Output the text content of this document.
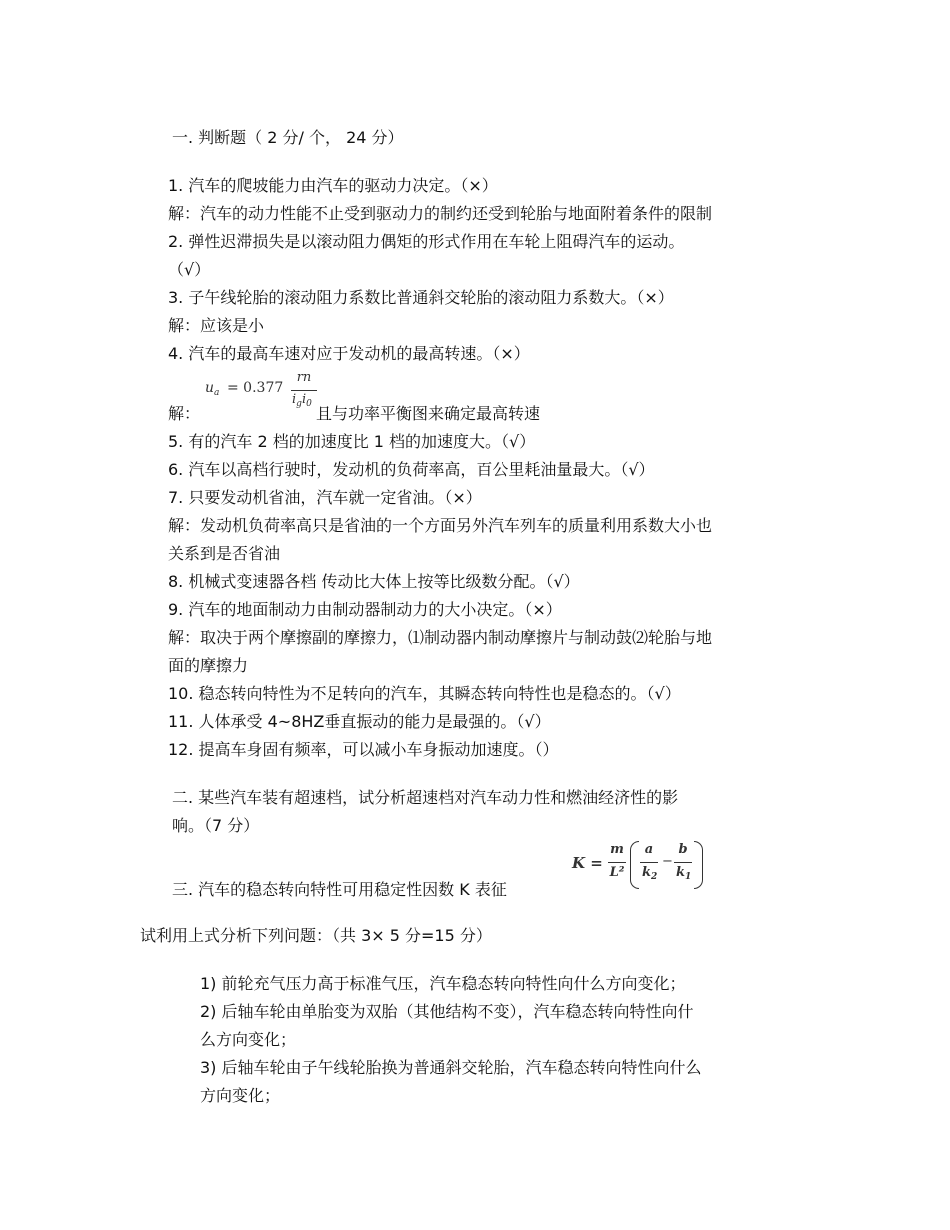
一. 判断题（ 2 分/ 个， 24 分）
1. 汽车的爬坡能力由汽车的驱动力决定。（×）
解：汽车的动力性能不止受到驱动力的制约还受到轮胎与地面附着条件的限制
2. 弹性迟滞损失是以滚动阻力偶矩的形式作用在车轮上阻碍汽车的运动。
（√）
3. 子午线轮胎的滚动阻力系数比普通斜交轮胎的滚动阻力系数大。（×）
解：应该是小
4. 汽车的最高车速对应于发动机的最高转速。（×）
$u_a = 0.377$
rn
$i_gi_0$
解：	且与功率平衡图来确定最高转速
5. 有的汽车 2 档的加速度比 1 档的加速度大。（√）
6. 汽车以高档行驶时，发动机的负荷率高，百公里耗油量最大。（√）
7. 只要发动机省油，汽车就一定省油。（×）
解：发动机负荷率高只是省油的一个方面另外汽车列车的质量利用系数大小也
关系到是否省油
8. 机械式变速器各档 传动比大体上按等比级数分配。（√）
9. 汽车的地面制动力由制动器制动力的大小决定。（×）
解：取决于两个摩擦副的摩擦力，⑴制动器内制动摩擦片与制动鼓⑵轮胎与地
面的摩擦力
10. 稳态转向特性为不足转向的汽车，其瞬态转向特性也是稳态的。（√）
11. 人体承受 4~8HZ垂直振动的能力是最强的。（√）
12. 提高车身固有频率，可以减小车身振动加速度。（）
二. 某些汽车装有超速档，试分析超速档对汽车动力性和燃油经济性的影
响。（7 分）
三. 汽车的稳态转向特性可用稳定性因数 K 表征
K =
m
L²
a
$k_2$
−
b
$k_1$
试利用上式分析下列问题：（共 3× 5 分=15 分）
1) 前轮充气压力高于标准气压，汽车稳态转向特性向什么方向变化；
2) 后轴车轮由单胎变为双胎（其他结构不变），汽车稳态转向特性向什
么方向变化；
3) 后轴车轮由子午线轮胎换为普通斜交轮胎，汽车稳态转向特性向什么
方向变化；
